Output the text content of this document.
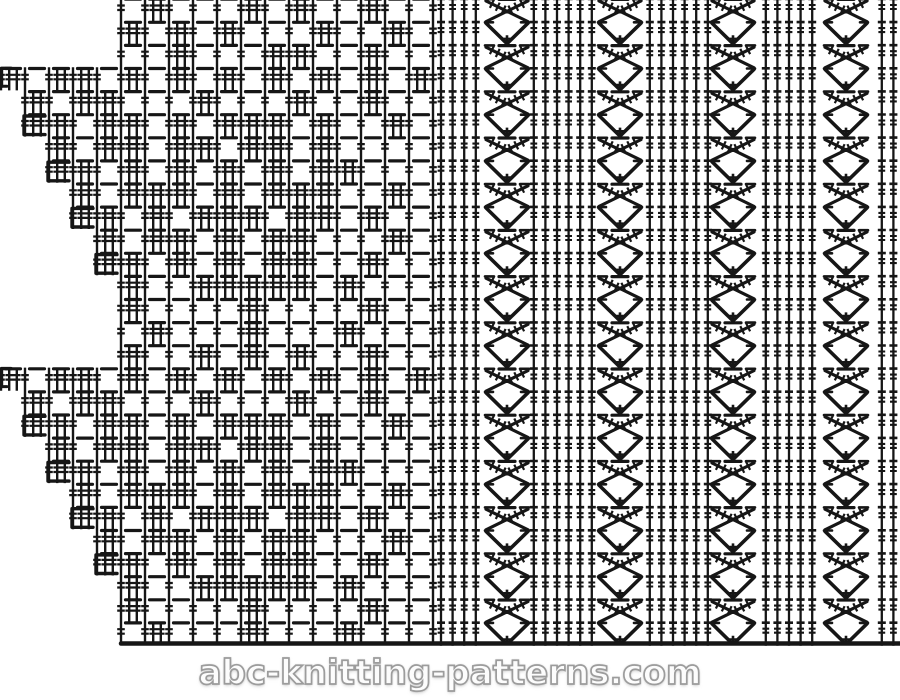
abc-knitting-patterns.com
